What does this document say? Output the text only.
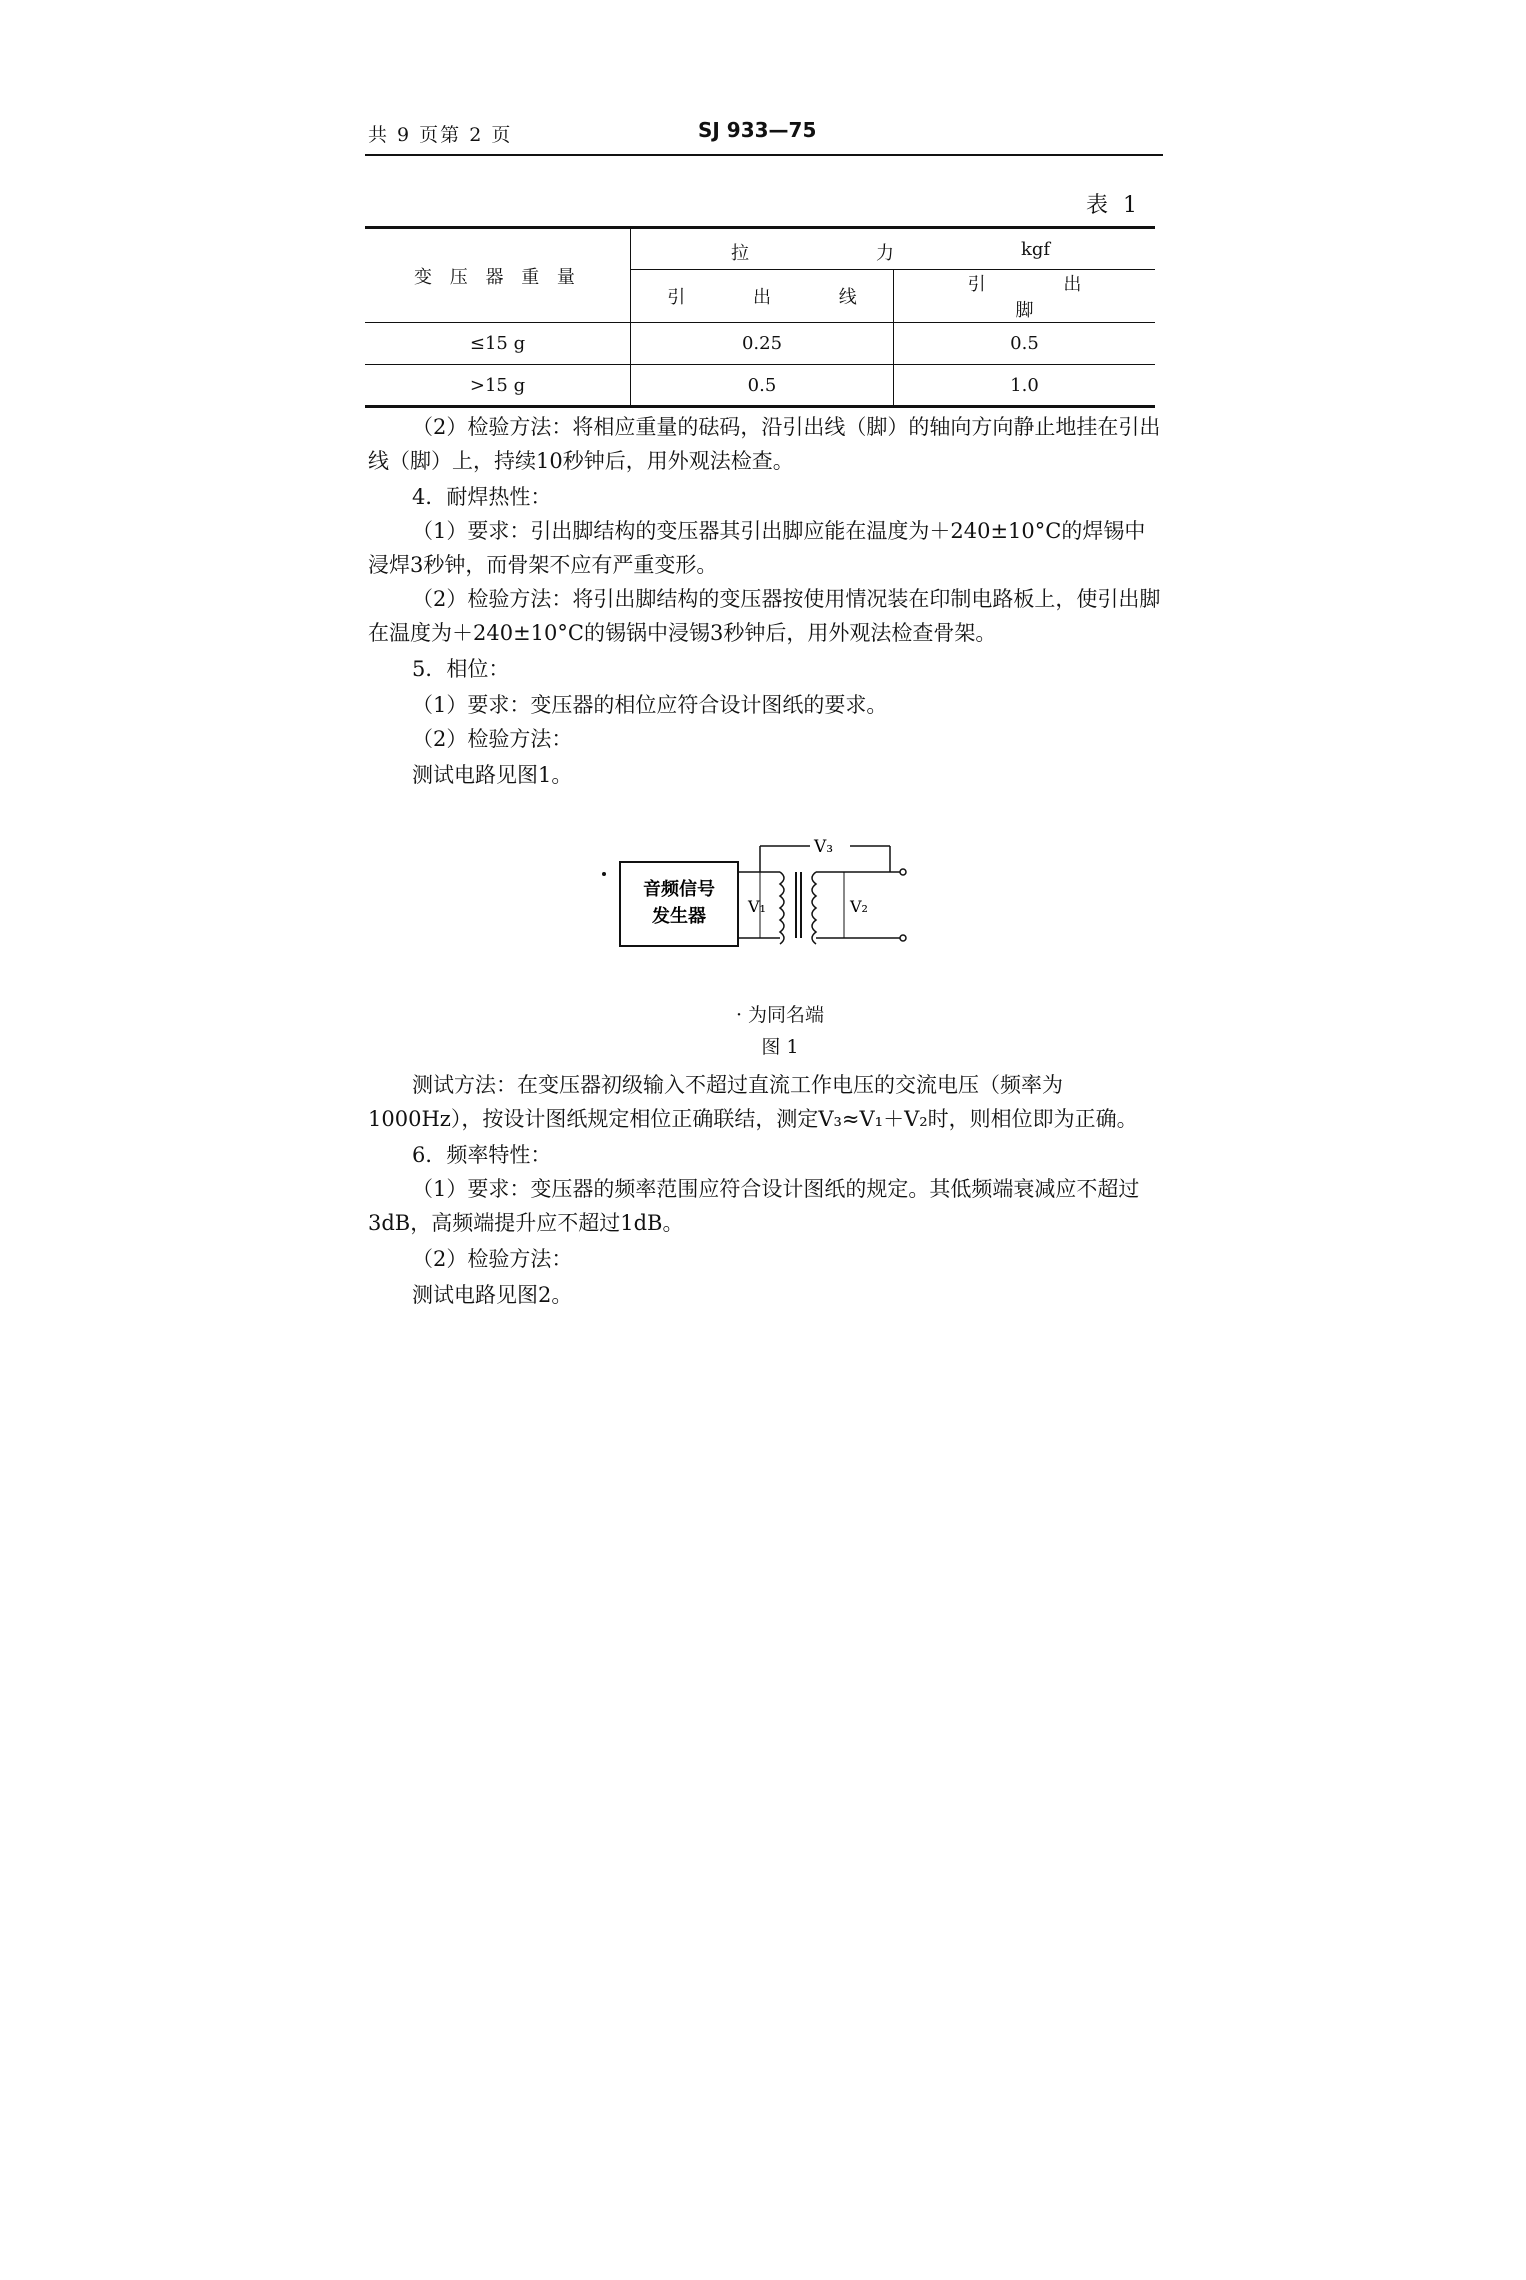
共 9 页第 2 页	SJ 933—75
表 1
变 压 器 重 量	拉 力 kgf	

	引 出 线	引 出 脚
≤15 g	0.25	0.5
>15 g	0.5	1.0
（2）检验方法：将相应重量的砝码，沿引出线（脚）的轴向方向静止地挂在引出线（脚）上，持续10秒钟后，用外观法检查。
4．耐焊热性：
（1）要求：引出脚结构的变压器其引出脚应能在温度为＋240±10°C的焊锡中浸焊3秒钟，而骨架不应有严重变形。
（2）检验方法：将引出脚结构的变压器按使用情况装在印制电路板上，使引出脚在温度为＋240±10°C的锡锅中浸锡3秒钟后，用外观法检查骨架。
5．相位：
（1）要求：变压器的相位应符合设计图纸的要求。
（2）检验方法：
测试电路见图1。
音频信号
发生器	V₁	V₂
V₃
· 为同名端
图 1
测试方法：在变压器初级输入不超过直流工作电压的交流电压（频率为1000Hz），按设计图纸规定相位正确联结，测定V₃≈V₁＋V₂时，则相位即为正确。
6．频率特性：
（1）要求：变压器的频率范围应符合设计图纸的规定。其低频端衰减应不超过3dB，高频端提升应不超过1dB。
（2）检验方法：
测试电路见图2。
